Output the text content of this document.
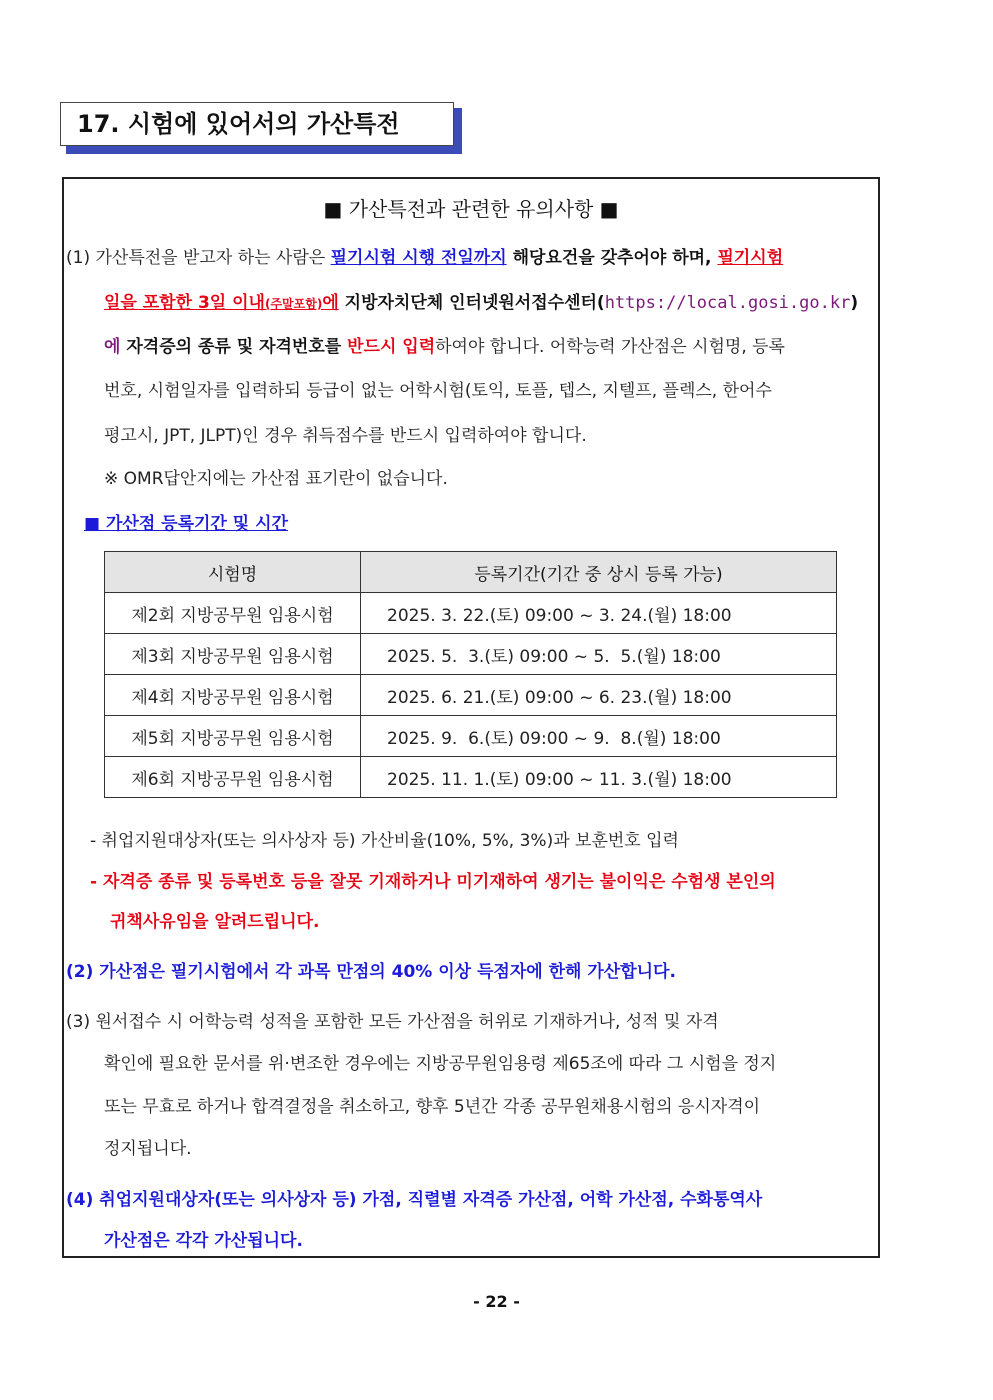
17. 시험에 있어서의 가산특전
■ 가산특전과 관련한 유의사항 ■
(1) 가산특전을 받고자 하는 사람은 필기시험 시행 전일까지 해당요건을 갖추어야 하며, 필기시험
일을 포함한 3일 이내(주말포함)에 지방자치단체 인터넷원서접수센터(https://local.gosi.go.kr)
에 자격증의 종류 및 자격번호를 반드시 입력하여야 합니다. 어학능력 가산점은 시험명, 등록
번호, 시험일자를 입력하되 등급이 없는 어학시험(토익, 토플, 텝스, 지텔프, 플렉스, 한어수
평고시, JPT, JLPT)인 경우 취득점수를 반드시 입력하여야 합니다.
※ OMR답안지에는 가산점 표기란이 없습니다.
■ 가산점 등록기간 및 시간
시험명	등록기간(기간 중 상시 등록 가능)
제2회 지방공무원 임용시험	2025. 3. 22.(토) 09:00 ~ 3. 24.(월) 18:00
제3회 지방공무원 임용시험	2025. 5.  3.(토) 09:00 ~ 5.  5.(월) 18:00
제4회 지방공무원 임용시험	2025. 6. 21.(토) 09:00 ~ 6. 23.(월) 18:00
제5회 지방공무원 임용시험	2025. 9.  6.(토) 09:00 ~ 9.  8.(월) 18:00
제6회 지방공무원 임용시험	2025. 11. 1.(토) 09:00 ~ 11. 3.(월) 18:00
- 취업지원대상자(또는 의사상자 등) 가산비율(10%, 5%, 3%)과 보훈번호 입력
- 자격증 종류 및 등록번호 등을 잘못 기재하거나 미기재하여 생기는 불이익은 수험생 본인의
귀책사유임을 알려드립니다.
(2) 가산점은 필기시험에서 각 과목 만점의 40% 이상 득점자에 한해 가산합니다.
(3) 원서접수 시 어학능력 성적을 포함한 모든 가산점을 허위로 기재하거나, 성적 및 자격
확인에 필요한 문서를 위·변조한 경우에는 지방공무원임용령 제65조에 따라 그 시험을 정지
또는 무효로 하거나 합격결정을 취소하고, 향후 5년간 각종 공무원채용시험의 응시자격이
정지됩니다.
(4) 취업지원대상자(또는 의사상자 등) 가점, 직렬별 자격증 가산점, 어학 가산점, 수화통역사
가산점은 각각 가산됩니다.
- 22 -
